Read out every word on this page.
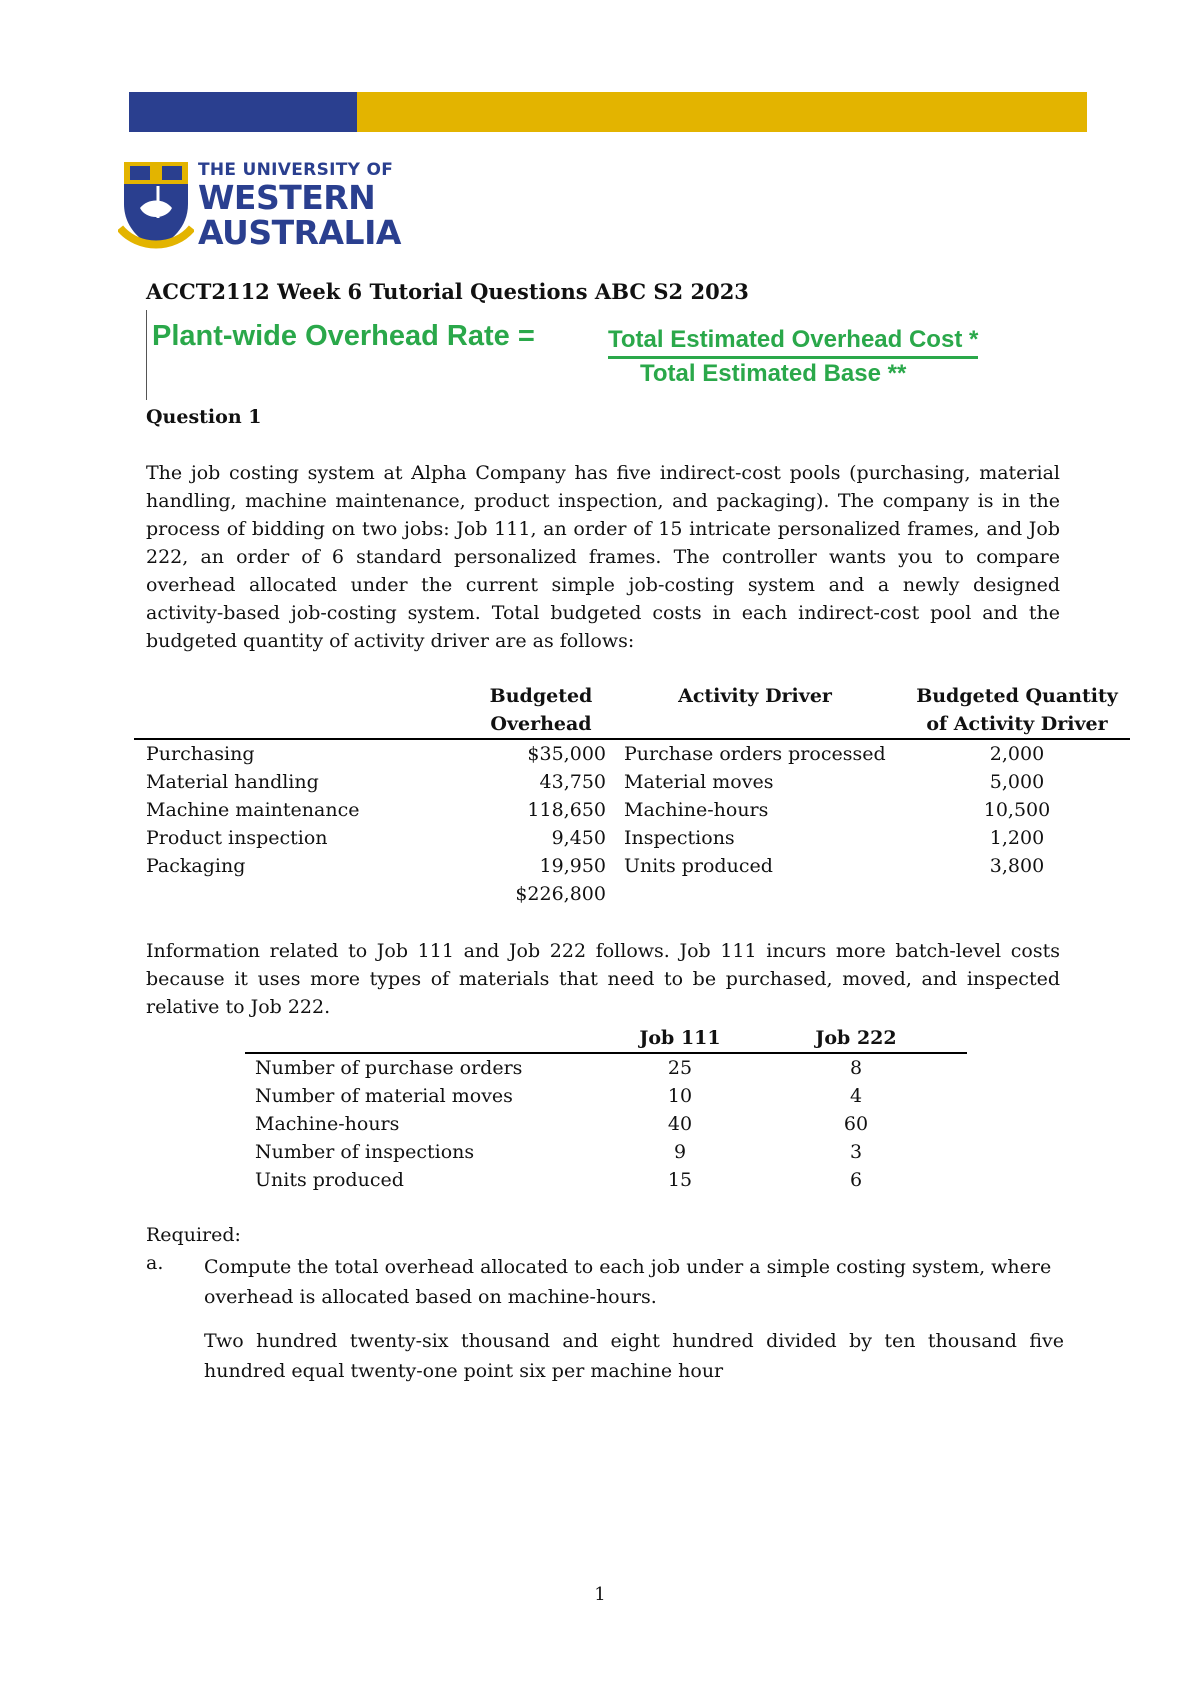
THE UNIVERSITY OF
WESTERN
AUSTRALIA
ACCT2112 Week 6 Tutorial Questions ABC S2 2023
Plant-wide Overhead Rate =	Total Estimated Overhead Cost *
Total Estimated Base **
Question 1
The job costing system at Alpha Company has five indirect-cost pools (purchasing, material handling, machine maintenance, product inspection, and packaging). The company is in the process of bidding on two jobs: Job 111, an order of 15 intricate personalized frames, and Job 222, an order of 6 standard personalized frames. The controller wants you to compare overhead allocated under the current simple job-costing system and a newly designed activity-based job-costing system. Total budgeted costs in each indirect-cost pool and the budgeted quantity of activity driver are as follows:
	Budgeted Overhead	Activity Driver	Budgeted Quantity of Activity Driver
Purchasing	$35,000	Purchase orders processed	2,000
Material handling	43,750	Material moves	5,000
Machine maintenance	118,650	Machine-hours	10,500
Product inspection	9,450	Inspections	1,200
Packaging	19,950	Units produced	3,800
	$226,800		
Information related to Job 111 and Job 222 follows. Job 111 incurs more batch-level costs because it uses more types of materials that need to be purchased, moved, and inspected relative to Job 222.
	Job 111	Job 222
Number of purchase orders	25	8
Number of material moves	10	4
Machine-hours	40	60
Number of inspections	9	3
Units produced	15	6
Required:
a. Compute the total overhead allocated to each job under a simple costing system, where overhead is allocated based on machine-hours.
Two hundred twenty-six thousand and eight hundred divided by ten thousand five hundred equal twenty-one point six per machine hour
1
